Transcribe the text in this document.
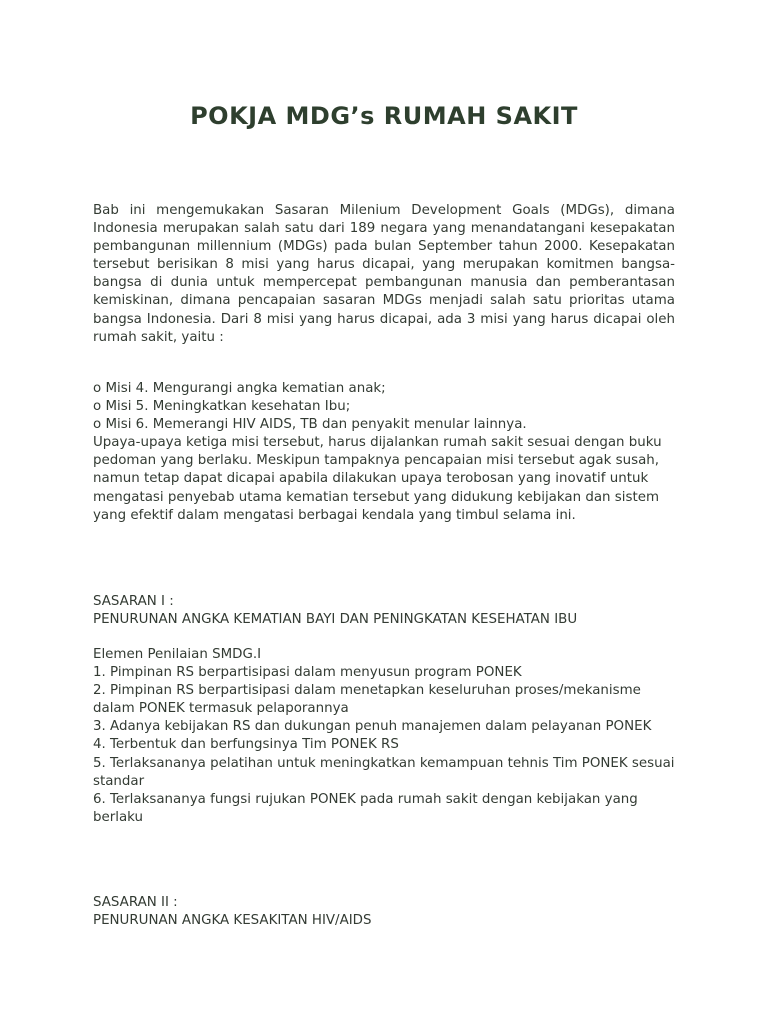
POKJA MDG’s RUMAH SAKIT

Bab ini mengemukakan Sasaran Milenium Development Goals (MDGs), dimana Indonesia merupakan salah satu dari 189 negara yang menandatangani kesepakatan pembangunan millennium (MDGs) pada bulan September tahun 2000. Kesepakatan tersebut berisikan 8 misi yang harus dicapai, yang merupakan komitmen bangsa-bangsa di dunia untuk mempercepat pembangunan manusia dan pemberantasan kemiskinan, dimana pencapaian sasaran MDGs menjadi salah satu prioritas utama bangsa Indonesia. Dari 8 misi yang harus dicapai, ada 3 misi yang harus dicapai oleh rumah sakit, yaitu :

o Misi 4. Mengurangi angka kematian anak;
o Misi 5. Meningkatkan kesehatan Ibu;
o Misi 6. Memerangi HIV AIDS, TB dan penyakit menular lainnya.
Upaya-upaya ketiga misi tersebut, harus dijalankan rumah sakit sesuai dengan buku pedoman yang berlaku. Meskipun tampaknya pencapaian misi tersebut agak susah, namun tetap dapat dicapai apabila dilakukan upaya terobosan yang inovatif untuk mengatasi penyebab utama kematian tersebut yang didukung kebijakan dan sistem yang efektif dalam mengatasi berbagai kendala yang timbul selama ini.
SASARAN I :
PENURUNAN ANGKA KEMATIAN BAYI DAN PENINGKATAN KESEHATAN IBU
Elemen Penilaian SMDG.I
1. Pimpinan RS berpartisipasi dalam menyusun program PONEK
2. Pimpinan RS berpartisipasi dalam menetapkan keseluruhan proses/mekanisme dalam PONEK termasuk pelaporannya
3. Adanya kebijakan RS dan dukungan penuh manajemen dalam pelayanan PONEK
4. Terbentuk dan berfungsinya Tim PONEK RS
5. Terlaksananya pelatihan untuk meningkatkan kemampuan tehnis Tim PONEK sesuai standar
6. Terlaksananya fungsi rujukan PONEK pada rumah sakit dengan kebijakan yang berlaku
SASARAN II :
PENURUNAN ANGKA KESAKITAN HIV/AIDS
